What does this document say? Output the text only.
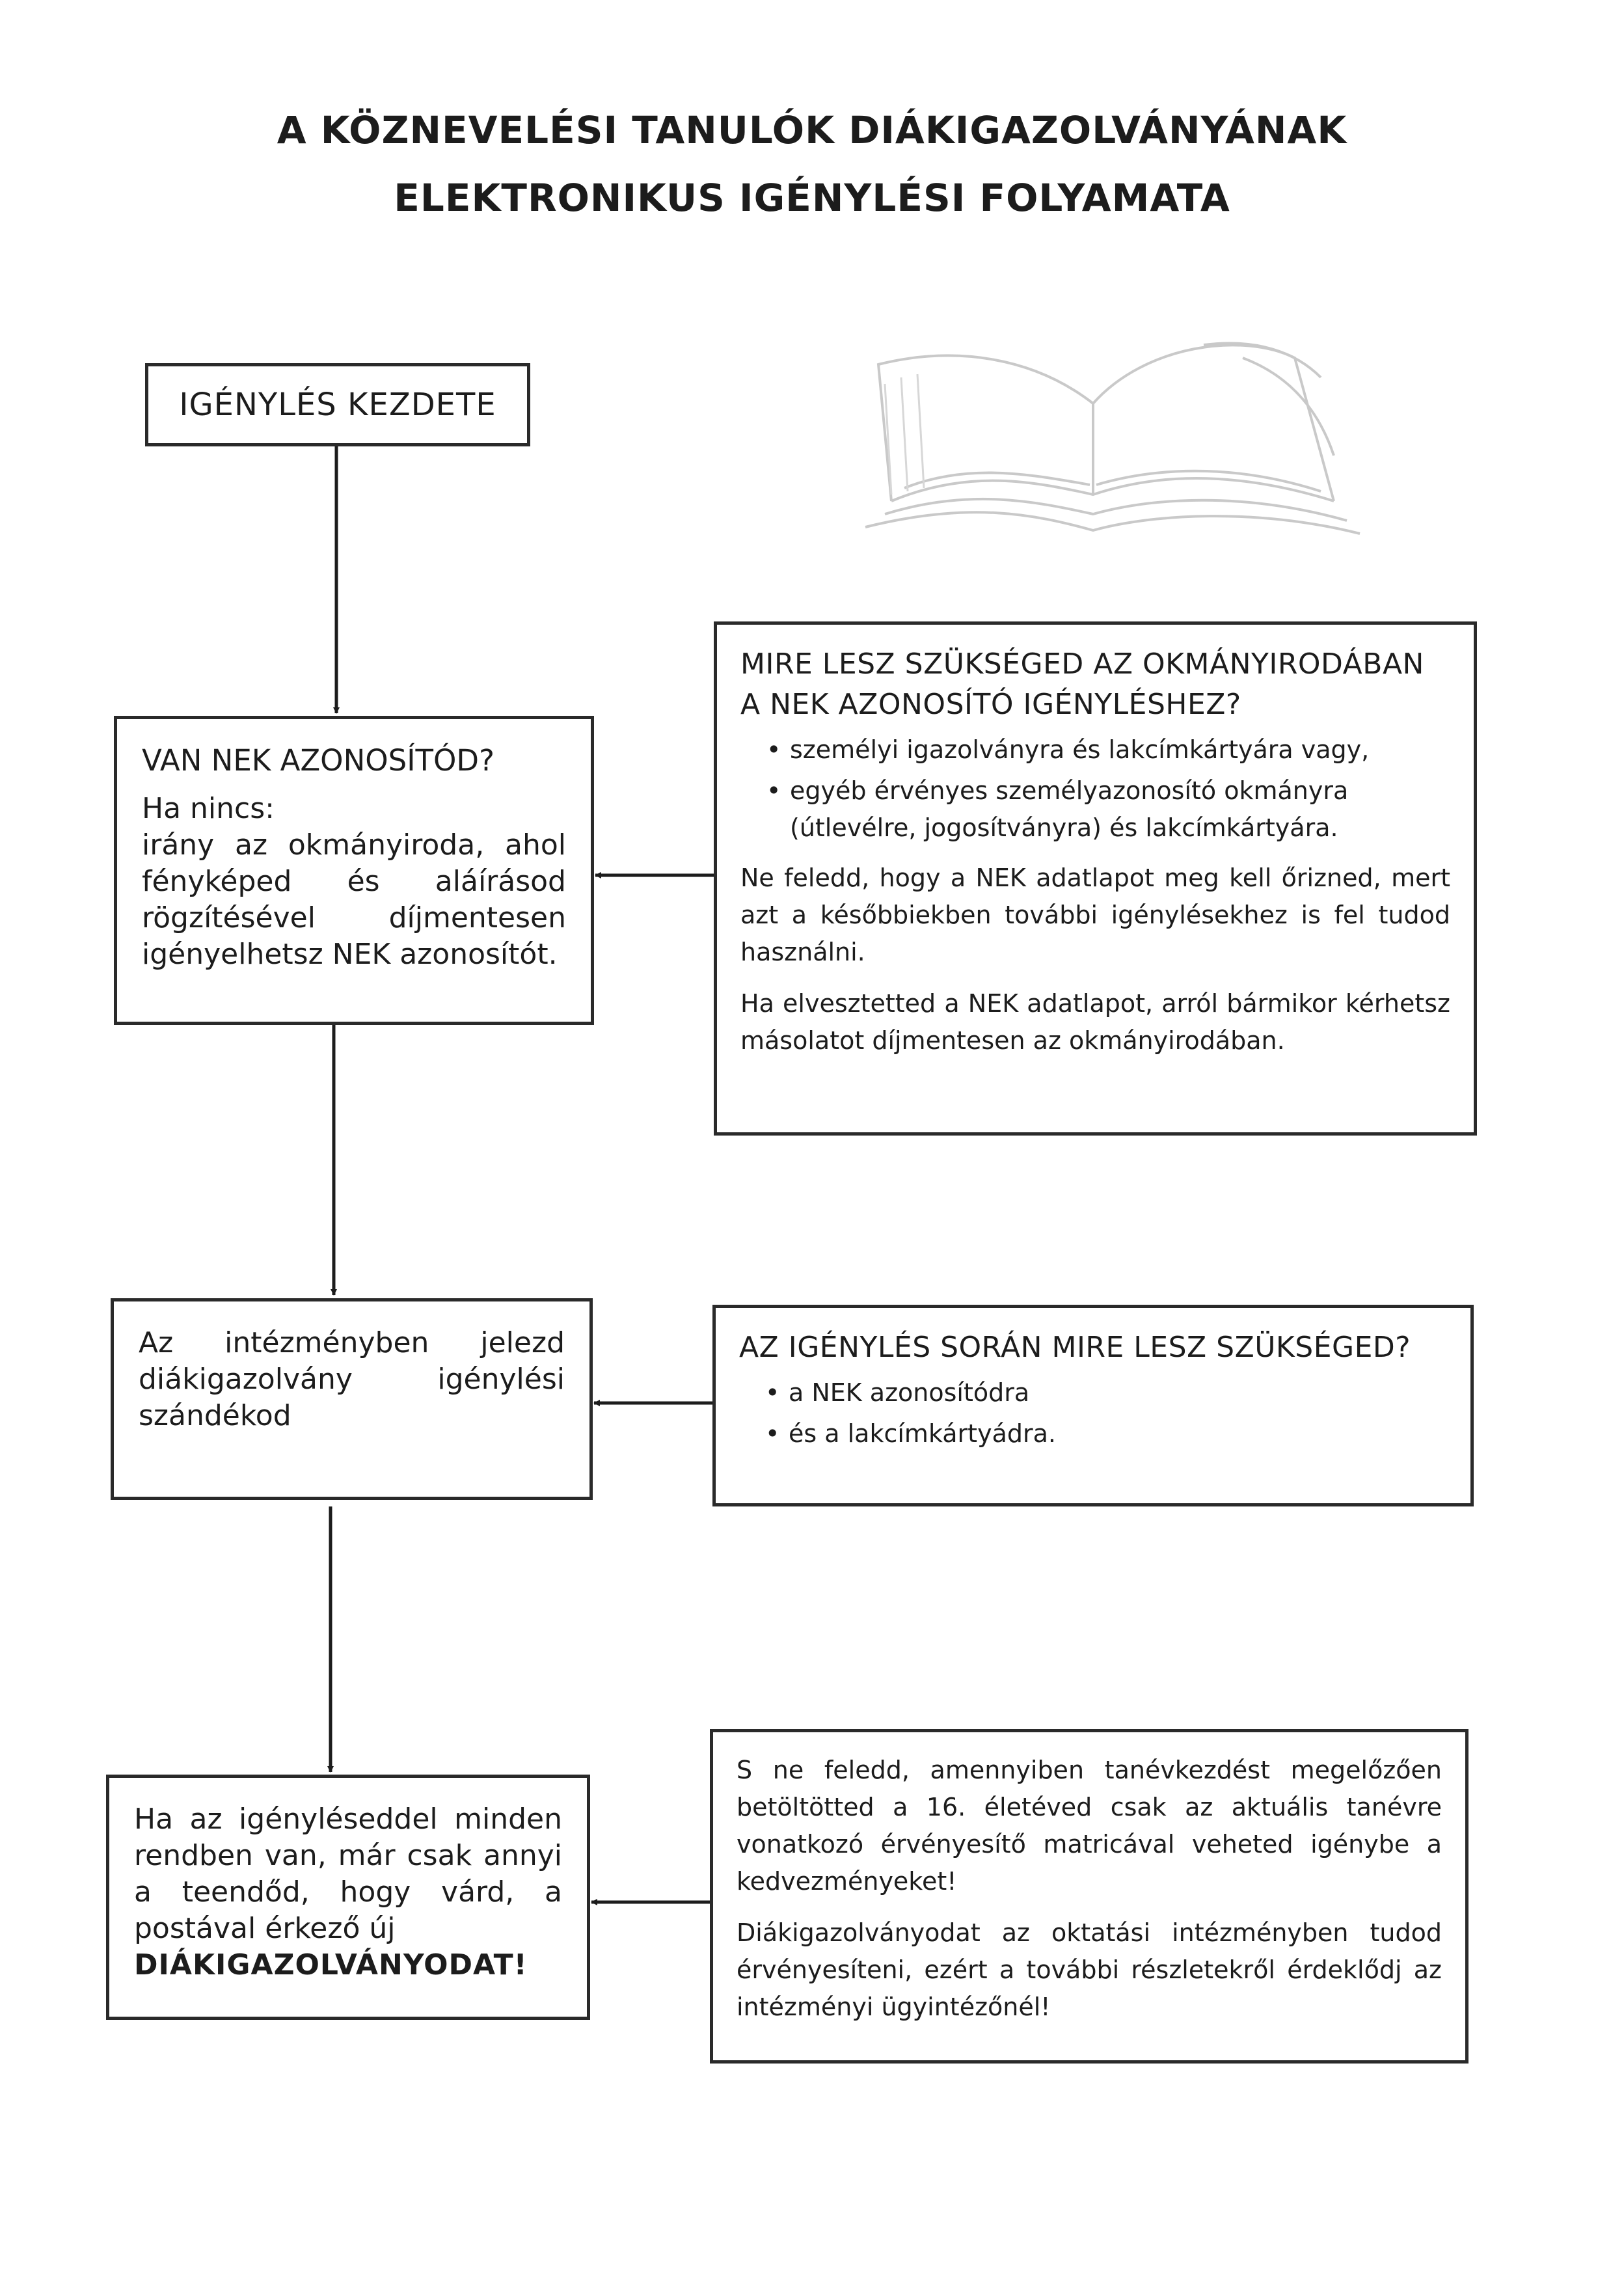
A KÖZNEVELÉSI TANULÓK DIÁKIGAZOLVÁNYÁNAK
ELEKTRONIKUS IGÉNYLÉSI FOLYAMATA
IGÉNYLÉS KEZDETE
VAN NEK AZONOSÍTÓD?
Ha nincs:
irány az okmányiroda, ahol fényképed és aláírásod rögzítésével díjmentesen igényelhetsz NEK azonosítót.
MIRE LESZ SZÜKSÉGED AZ OKMÁNYIRODÁBAN A NEK AZONOSÍTÓ IGÉNYLÉSHEZ?
• személyi igazolványra és lakcímkártyára vagy,
• egyéb érvényes személyazonosító okmányra (útlevélre, jogosítványra) és lakcímkártyára.

Ne feledd, hogy a NEK adatlapot meg kell őrizned, mert azt a későbbiekben további igénylésekhez is fel tudod használni.

Ha elvesztetted a NEK adatlapot, arról bármikor kérhetsz másolatot díjmentesen az okmányirodában.

Az intézményben jelezd diákigazolvány igénylési szándékod
AZ IGÉNYLÉS SORÁN MIRE LESZ SZÜKSÉGED?
• a NEK azonosítódra
• és a lakcímkártyádra.
Ha az igényléseddel minden rendben van, már csak annyi a teendőd, hogy várd, a postával érkező új
DIÁKIGAZOLVÁNYODAT!

S ne feledd, amennyiben tanévkezdést megelőzően betöltötted a 16. életéved csak az aktuális tanévre vonatkozó érvényesítő matricával veheted igénybe a kedvezményeket!

Diákigazolványodat az oktatási intézményben tudod érvényesíteni, ezért a további részletekről érdeklődj az intézményi ügyintézőnél!
